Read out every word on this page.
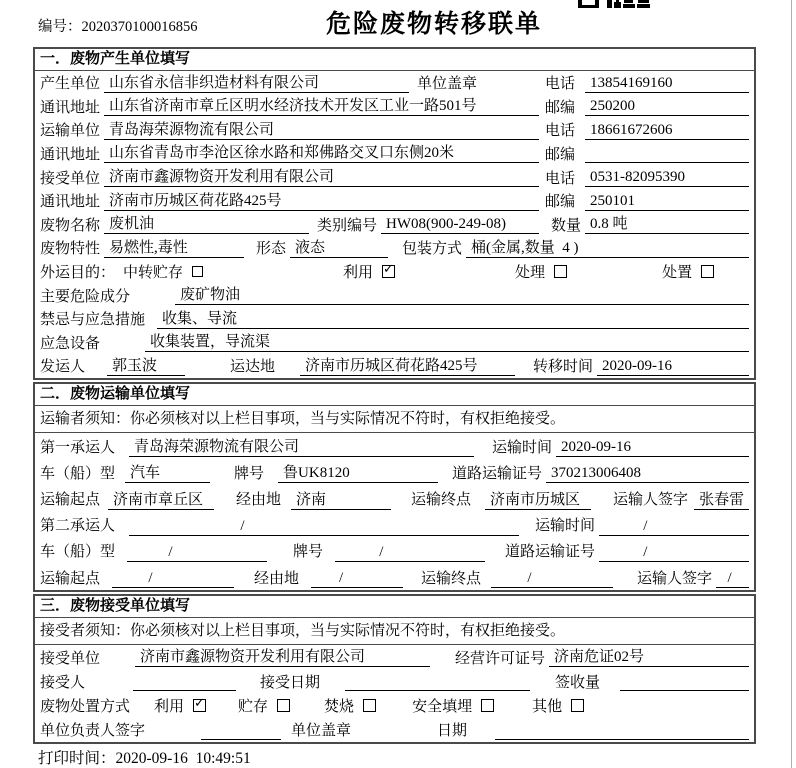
编号：2020370100016856	危险废物转移联单
一．废物产生单位填写
产生单位 山东省永信非织造材料有限公司	单位盖章	电话	13854169160
通讯地址 山东省济南市章丘区明水经济技术开发区工业一路501号	邮编	250200
运输单位 青岛海荣源物流有限公司	电话	18661672606
通讯地址 山东省青岛市李沧区徐水路和郑佛路交叉口东侧20米	邮编
接受单位 济南市鑫源物资开发利用有限公司	电话	0531-82095390
通讯地址 济南市历城区荷花路425号	邮编	250101
废物名称 废机油	类别编号 HW08(900-249-08)	数量 0.8 吨
废物特性 易燃性,毒性	形态 液态	包装方式 桶(金属,数量  4 )
外运目的： 中转贮存	利用 ✓	处理	处置
主要危险成分	废矿物油
禁忌与应急措施	收集、导流
应急设备	收集装置，导流渠
发运人	郭玉波	运达地	济南市历城区荷花路425号	转移时间 2020-09-16
二．废物运输单位填写
运输者须知：你必须核对以上栏目事项，当与实际情况不符时，有权拒绝接受。
第一承运人	青岛海荣源物流有限公司	运输时间 2020-09-16
车（船）型	汽车	牌号	鲁UK8120	道路运输证号 370213006408
运输起点 济南市章丘区	经由地	济南	运输终点	济南市历城区	运输人签字 张春雷
第二承运人	/	运输时间	/
车（船）型	/	牌号	/	道路运输证号	/
运输起点	/	经由地	/	运输终点	/	运输人签字	/
三．废物接受单位填写
接受者须知：你必须核对以上栏目事项，当与实际情况不符时，有权拒绝接受。
接受单位	济南市鑫源物资开发利用有限公司	经营许可证号 济南危证02号
接受人	接受日期	签收量
废物处置方式 利用 ✓	贮存	焚烧	安全填埋	其他
单位负责人签字	单位盖章	日期
打印时间：2020-09-16  10:49:51
